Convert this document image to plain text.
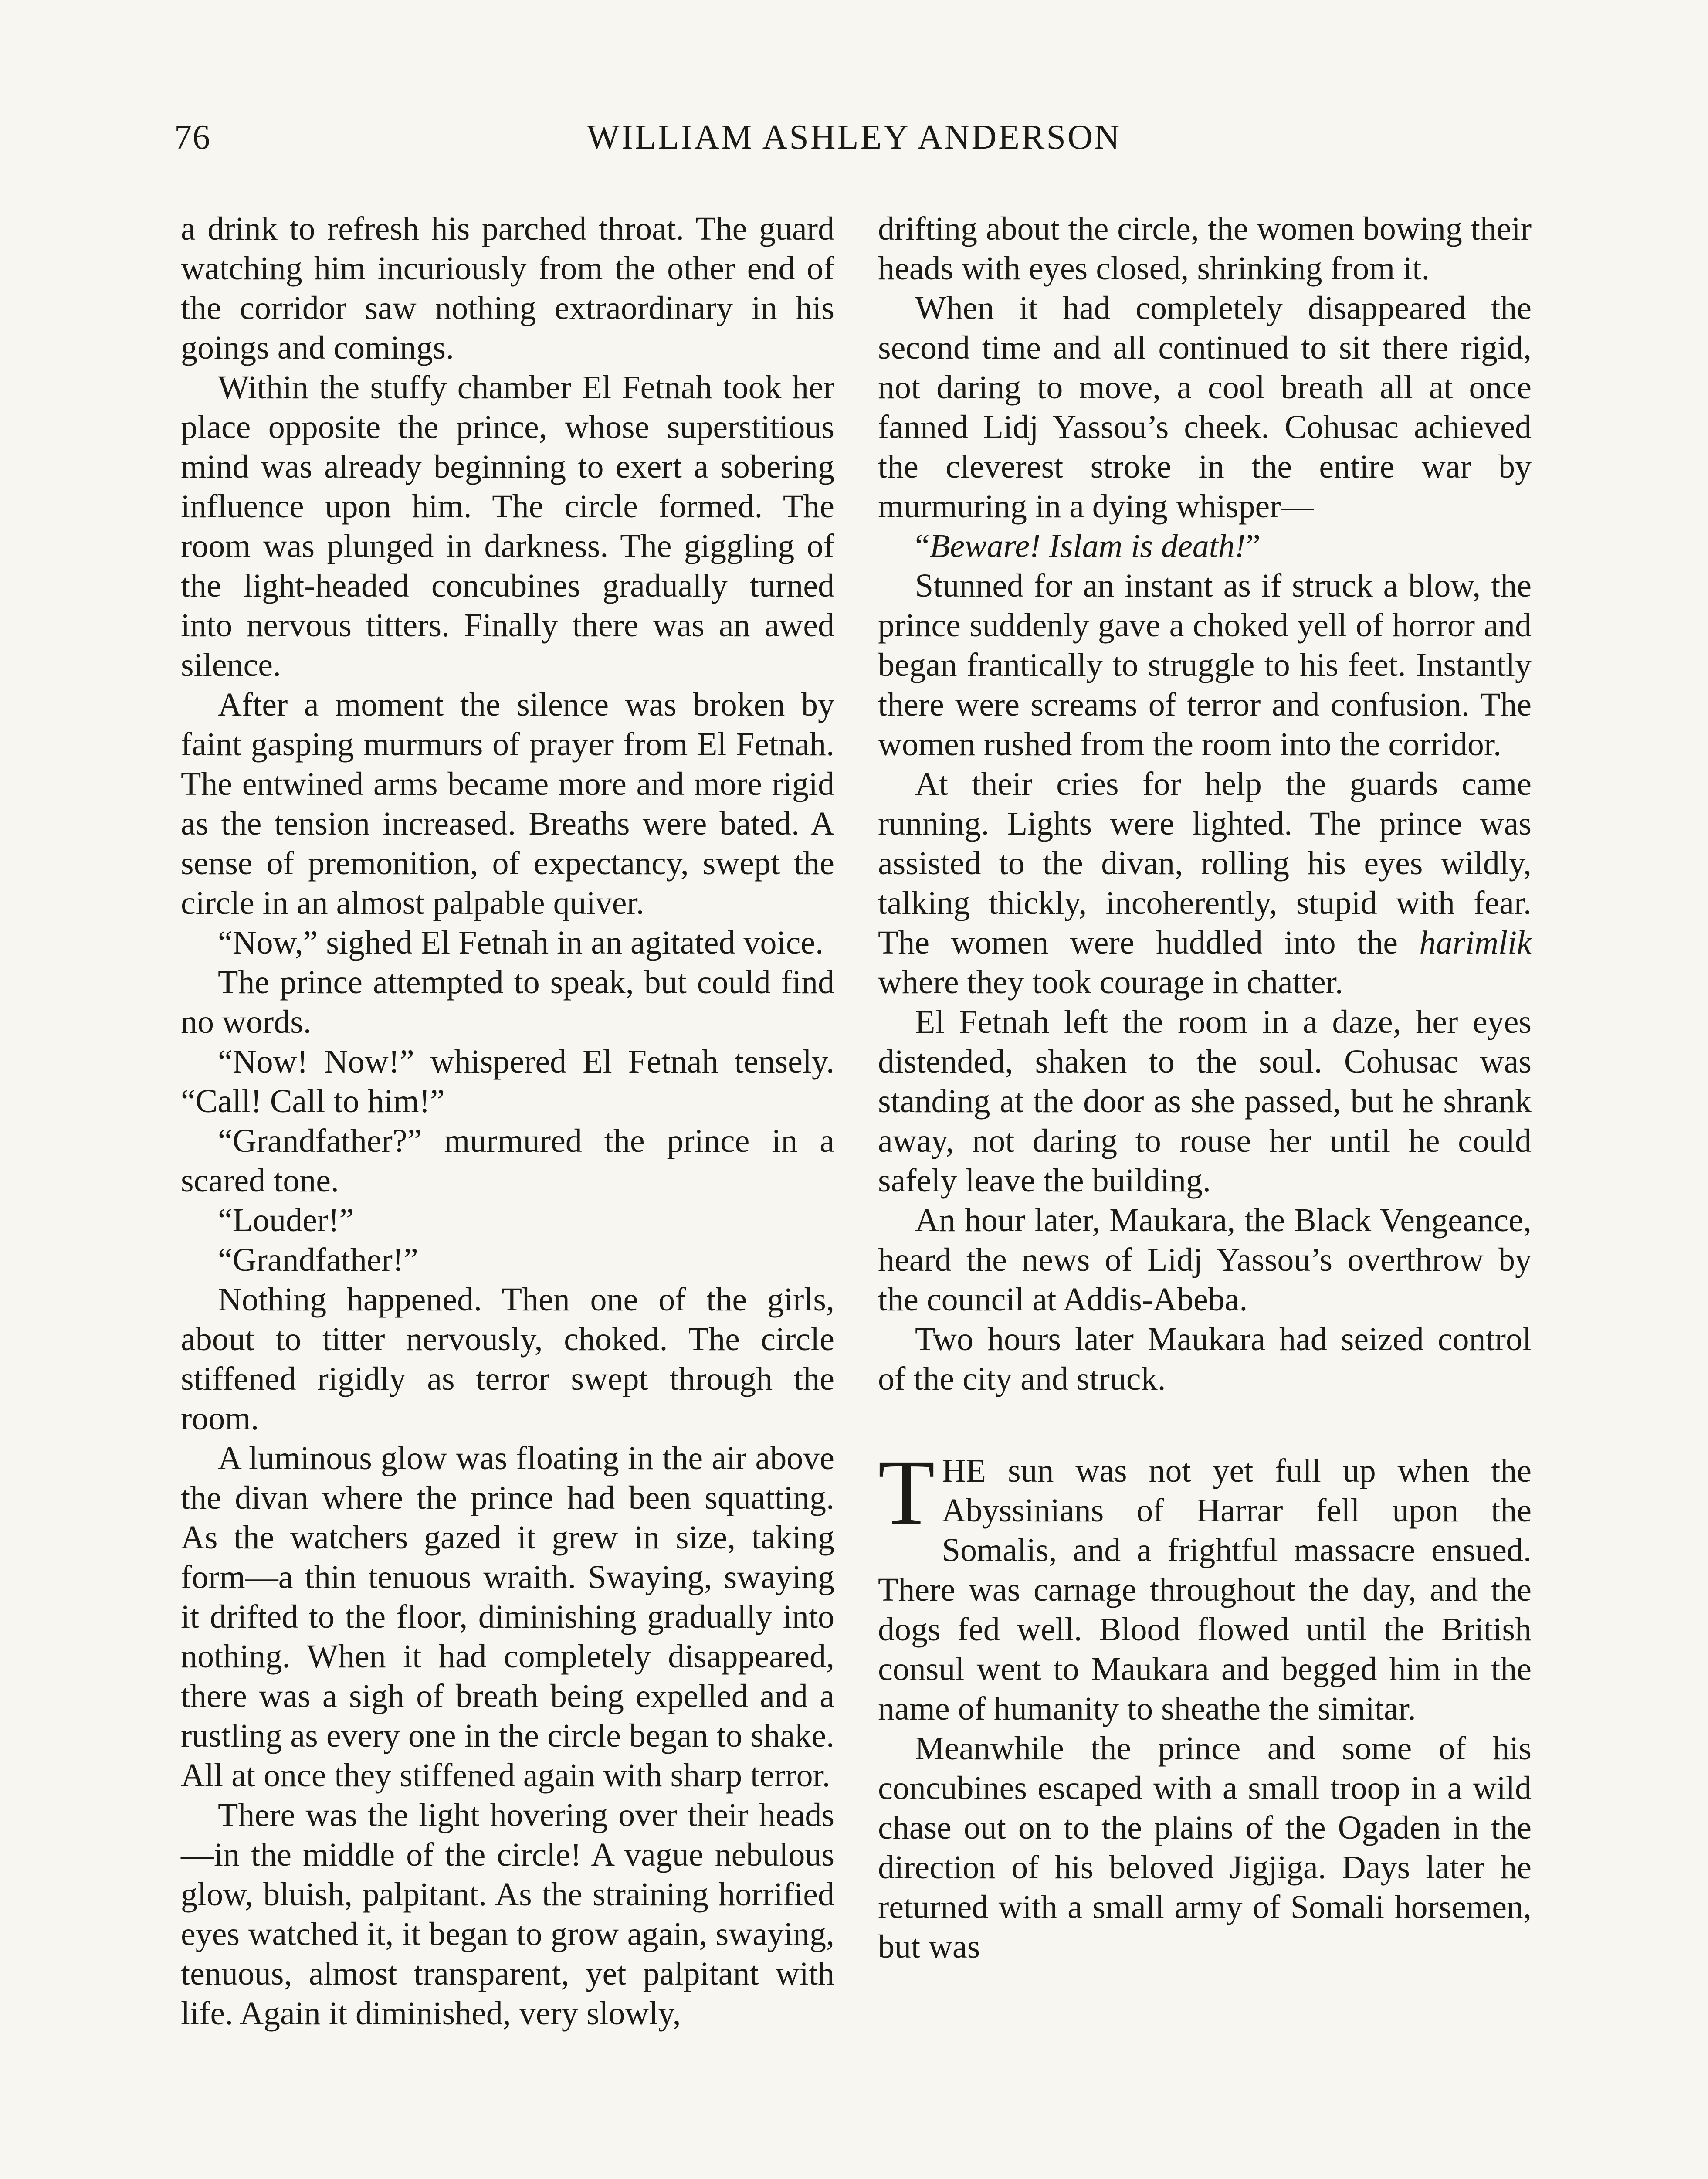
76	WILLIAM ASHLEY ANDERSON

a drink to refresh his parched throat. The guard watching him incuriously from the other end of the corridor saw nothing extraordinary in his goings and comings.

Within the stuffy chamber El Fetnah took her place opposite the prince, whose superstitious mind was already beginning to exert a sobering influence upon him. The circle formed. The room was plunged in darkness. The giggling of the light-headed concubines gradually turned into nervous titters. Finally there was an awed silence.

After a moment the silence was broken by faint gasping murmurs of prayer from El Fetnah. The entwined arms became more and more rigid as the tension increased. Breaths were bated. A sense of premonition, of expectancy, swept the circle in an almost palpable quiver.

“Now,” sighed El Fetnah in an agitated voice.

The prince attempted to speak, but could find no words.

“Now! Now!” whispered El Fetnah tensely. “Call! Call to him!”

“Grandfather?” murmured the prince in a scared tone.

“Louder!”

“Grandfather!”

Nothing happened. Then one of the girls, about to titter nervously, choked. The circle stiffened rigidly as terror swept through the room.

A luminous glow was floating in the air above the divan where the prince had been squatting. As the watchers gazed it grew in size, taking form—a thin tenuous wraith. Swaying, swaying it drifted to the floor, diminishing gradually into nothing. When it had completely disappeared, there was a sigh of breath being expelled and a rustling as every one in the circle began to shake. All at once they stiffened again with sharp terror.

There was the light hovering over their heads—in the middle of the circle! A vague nebulous glow, bluish, palpitant. As the straining horrified eyes watched it, it began to grow again, swaying, tenuous, almost transparent, yet palpitant with life. Again it diminished, very slowly,

drifting about the circle, the women bowing their heads with eyes closed, shrinking from it.

When it had completely disappeared the second time and all continued to sit there rigid, not daring to move, a cool breath all at once fanned Lidj Yassou’s cheek. Cohusac achieved the cleverest stroke in the entire war by murmuring in a dying whisper—

“Beware! Islam is death!”

Stunned for an instant as if struck a blow, the prince suddenly gave a choked yell of horror and began frantically to struggle to his feet. Instantly there were screams of terror and confusion. The women rushed from the room into the corridor.

At their cries for help the guards came running. Lights were lighted. The prince was assisted to the divan, rolling his eyes wildly, talking thickly, incoherently, stupid with fear. The women were huddled into the harimlik where they took courage in chatter.

El Fetnah left the room in a daze, her eyes distended, shaken to the soul. Cohusac was standing at the door as she passed, but he shrank away, not daring to rouse her until he could safely leave the building.

An hour later, Maukara, the Black Vengeance, heard the news of Lidj Yassou’s overthrow by the council at Addis-Abeba.

Two hours later Maukara had seized control of the city and struck.

THE sun was not yet full up when the Abyssinians of Harrar fell upon the Somalis, and a frightful massacre ensued. There was carnage throughout the day, and the dogs fed well. Blood flowed until the British consul went to Maukara and begged him in the name of humanity to sheathe the simitar.

Meanwhile the prince and some of his concubines escaped with a small troop in a wild chase out on to the plains of the Ogaden in the direction of his beloved Jigjiga. Days later he returned with a small army of Somali horsemen, but was
